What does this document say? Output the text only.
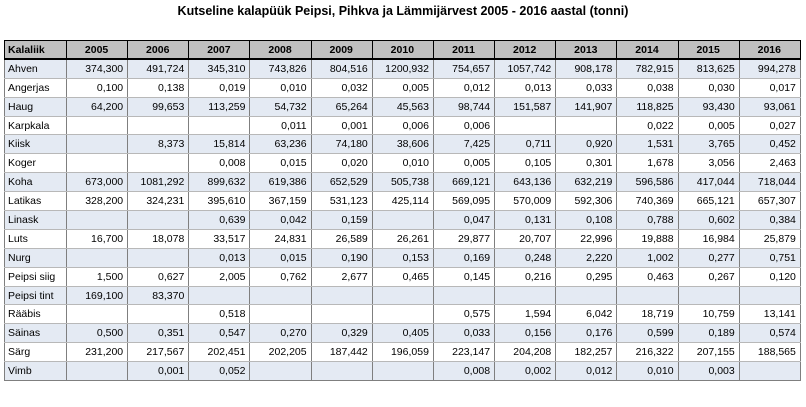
Kutseline kalapüük Peipsi, Pihkva ja Lämmijärvest 2005 - 2016 aastal (tonni)
Kalaliik	2005	2006	2007	2008	2009	2010	2011	2012	2013	2014	2015	2016
Ahven	374,300	491,724	345,310	743,826	804,516	1200,932	754,657	1057,742	908,178	782,915	813,625	994,278
Angerjas	0,100	0,138	0,019	0,010	0,032	0,005	0,012	0,013	0,033	0,038	0,030	0,017
Haug	64,200	99,653	113,259	54,732	65,264	45,563	98,744	151,587	141,907	118,825	93,430	93,061
Karpkala				0,011	0,001	0,006	0,006			0,022	0,005	0,027
Kiisk		8,373	15,814	63,236	74,180	38,606	7,425	0,711	0,920	1,531	3,765	0,452
Koger			0,008	0,015	0,020	0,010	0,005	0,105	0,301	1,678	3,056	2,463
Koha	673,000	1081,292	899,632	619,386	652,529	505,738	669,121	643,136	632,219	596,586	417,044	718,044
Latikas	328,200	324,231	395,610	367,159	531,123	425,114	569,095	570,009	592,306	740,369	665,121	657,307
Linask			0,639	0,042	0,159		0,047	0,131	0,108	0,788	0,602	0,384
Luts	16,700	18,078	33,517	24,831	26,589	26,261	29,877	20,707	22,996	19,888	16,984	25,879
Nurg			0,013	0,015	0,190	0,153	0,169	0,248	2,220	1,002	0,277	0,751
Peipsi siig	1,500	0,627	2,005	0,762	2,677	0,465	0,145	0,216	0,295	0,463	0,267	0,120
Peipsi tint	169,100	83,370										
Rääbis			0,518				0,575	1,594	6,042	18,719	10,759	13,141
Säinas	0,500	0,351	0,547	0,270	0,329	0,405	0,033	0,156	0,176	0,599	0,189	0,574
Särg	231,200	217,567	202,451	202,205	187,442	196,059	223,147	204,208	182,257	216,322	207,155	188,565
Vimb		0,001	0,052				0,008	0,002	0,012	0,010	0,003	
